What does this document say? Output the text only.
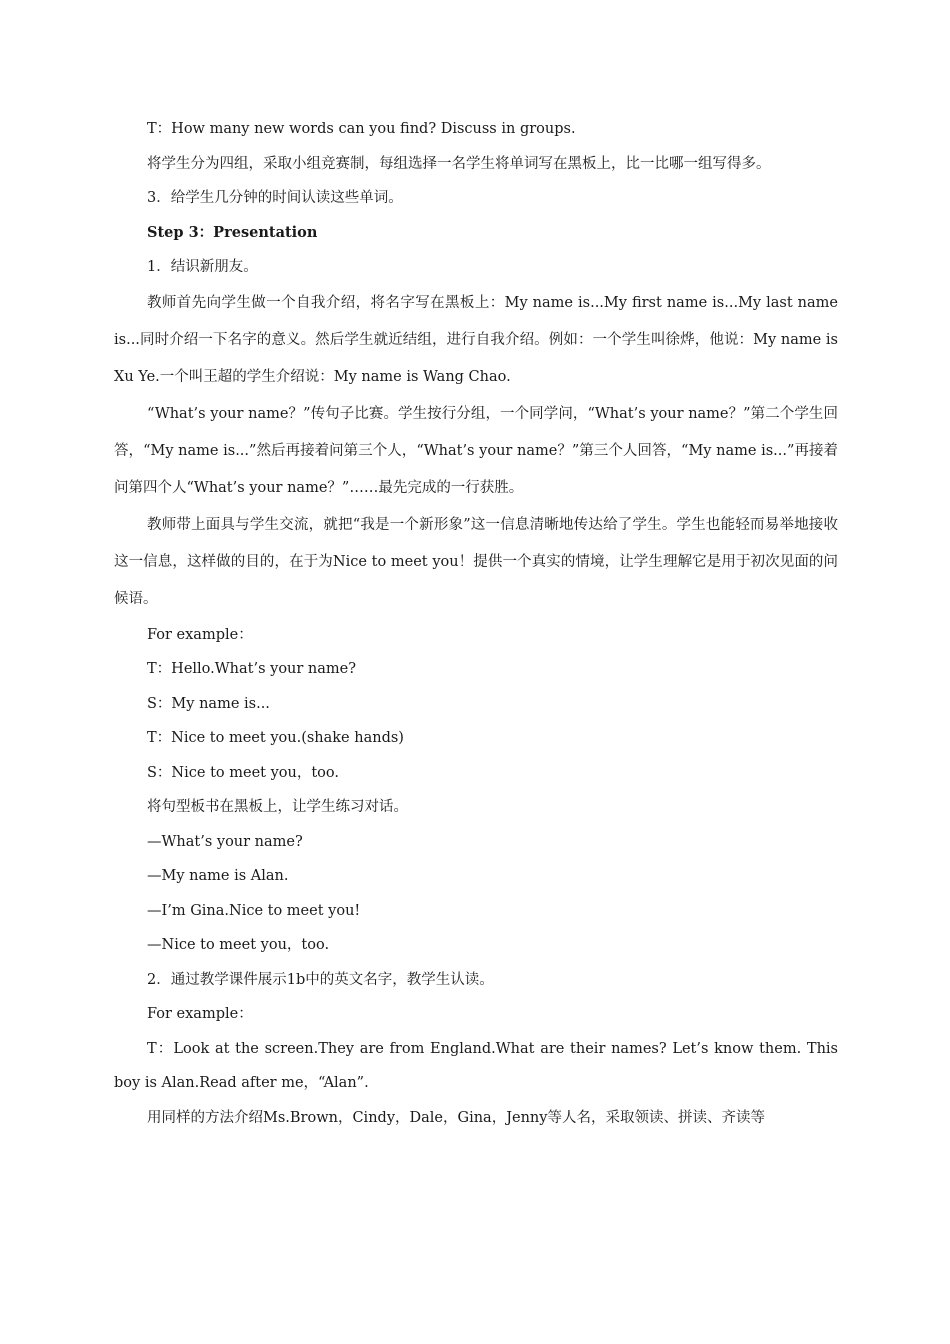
T：How many new words can you find? Discuss in groups.

将学生分为四组，采取小组竞赛制，每组选择一名学生将单词写在黑板上，比一比哪一组写得多。

3．给学生几分钟的时间认读这些单词。

Step 3：Presentation

1．结识新朋友。

教师首先向学生做一个自我介绍，将名字写在黑板上：My name is...My first name is...My last name is...同时介绍一下名字的意义。然后学生就近结组，进行自我介绍。例如：一个学生叫徐烨，他说：My name is Xu Ye.一个叫王超的学生介绍说：My name is Wang Chao.

“What’s your name？”传句子比赛。学生按行分组，一个同学问，“What’s your name？”第二个学生回答，“My name is...”然后再接着问第三个人，“What’s your name？”第三个人回答，“My name is...”再接着问第四个人“What’s your name？”……最先完成的一行获胜。

教师带上面具与学生交流，就把“我是一个新形象”这一信息清晰地传达给了学生。学生也能轻而易举地接收这一信息，这样做的目的，在于为Nice to meet you！提供一个真实的情境，让学生理解它是用于初次见面的问候语。

For example：

T：Hello.What’s your name?

S：My name is...

T：Nice to meet you.(shake hands)

S：Nice to meet you，too.

将句型板书在黑板上，让学生练习对话。

—What’s your name?

—My name is Alan.

—I’m Gina.Nice to meet you!

—Nice to meet you，too.

2．通过教学课件展示1b中的英文名字，教学生认读。

For example：

T：Look at the screen.They are from England.What are their names? Let’s know them. This boy is Alan.Read after me，“Alan”.

用同样的方法介绍Ms.Brown，Cindy，Dale，Gina，Jenny等人名，采取领读、拼读、齐读等
